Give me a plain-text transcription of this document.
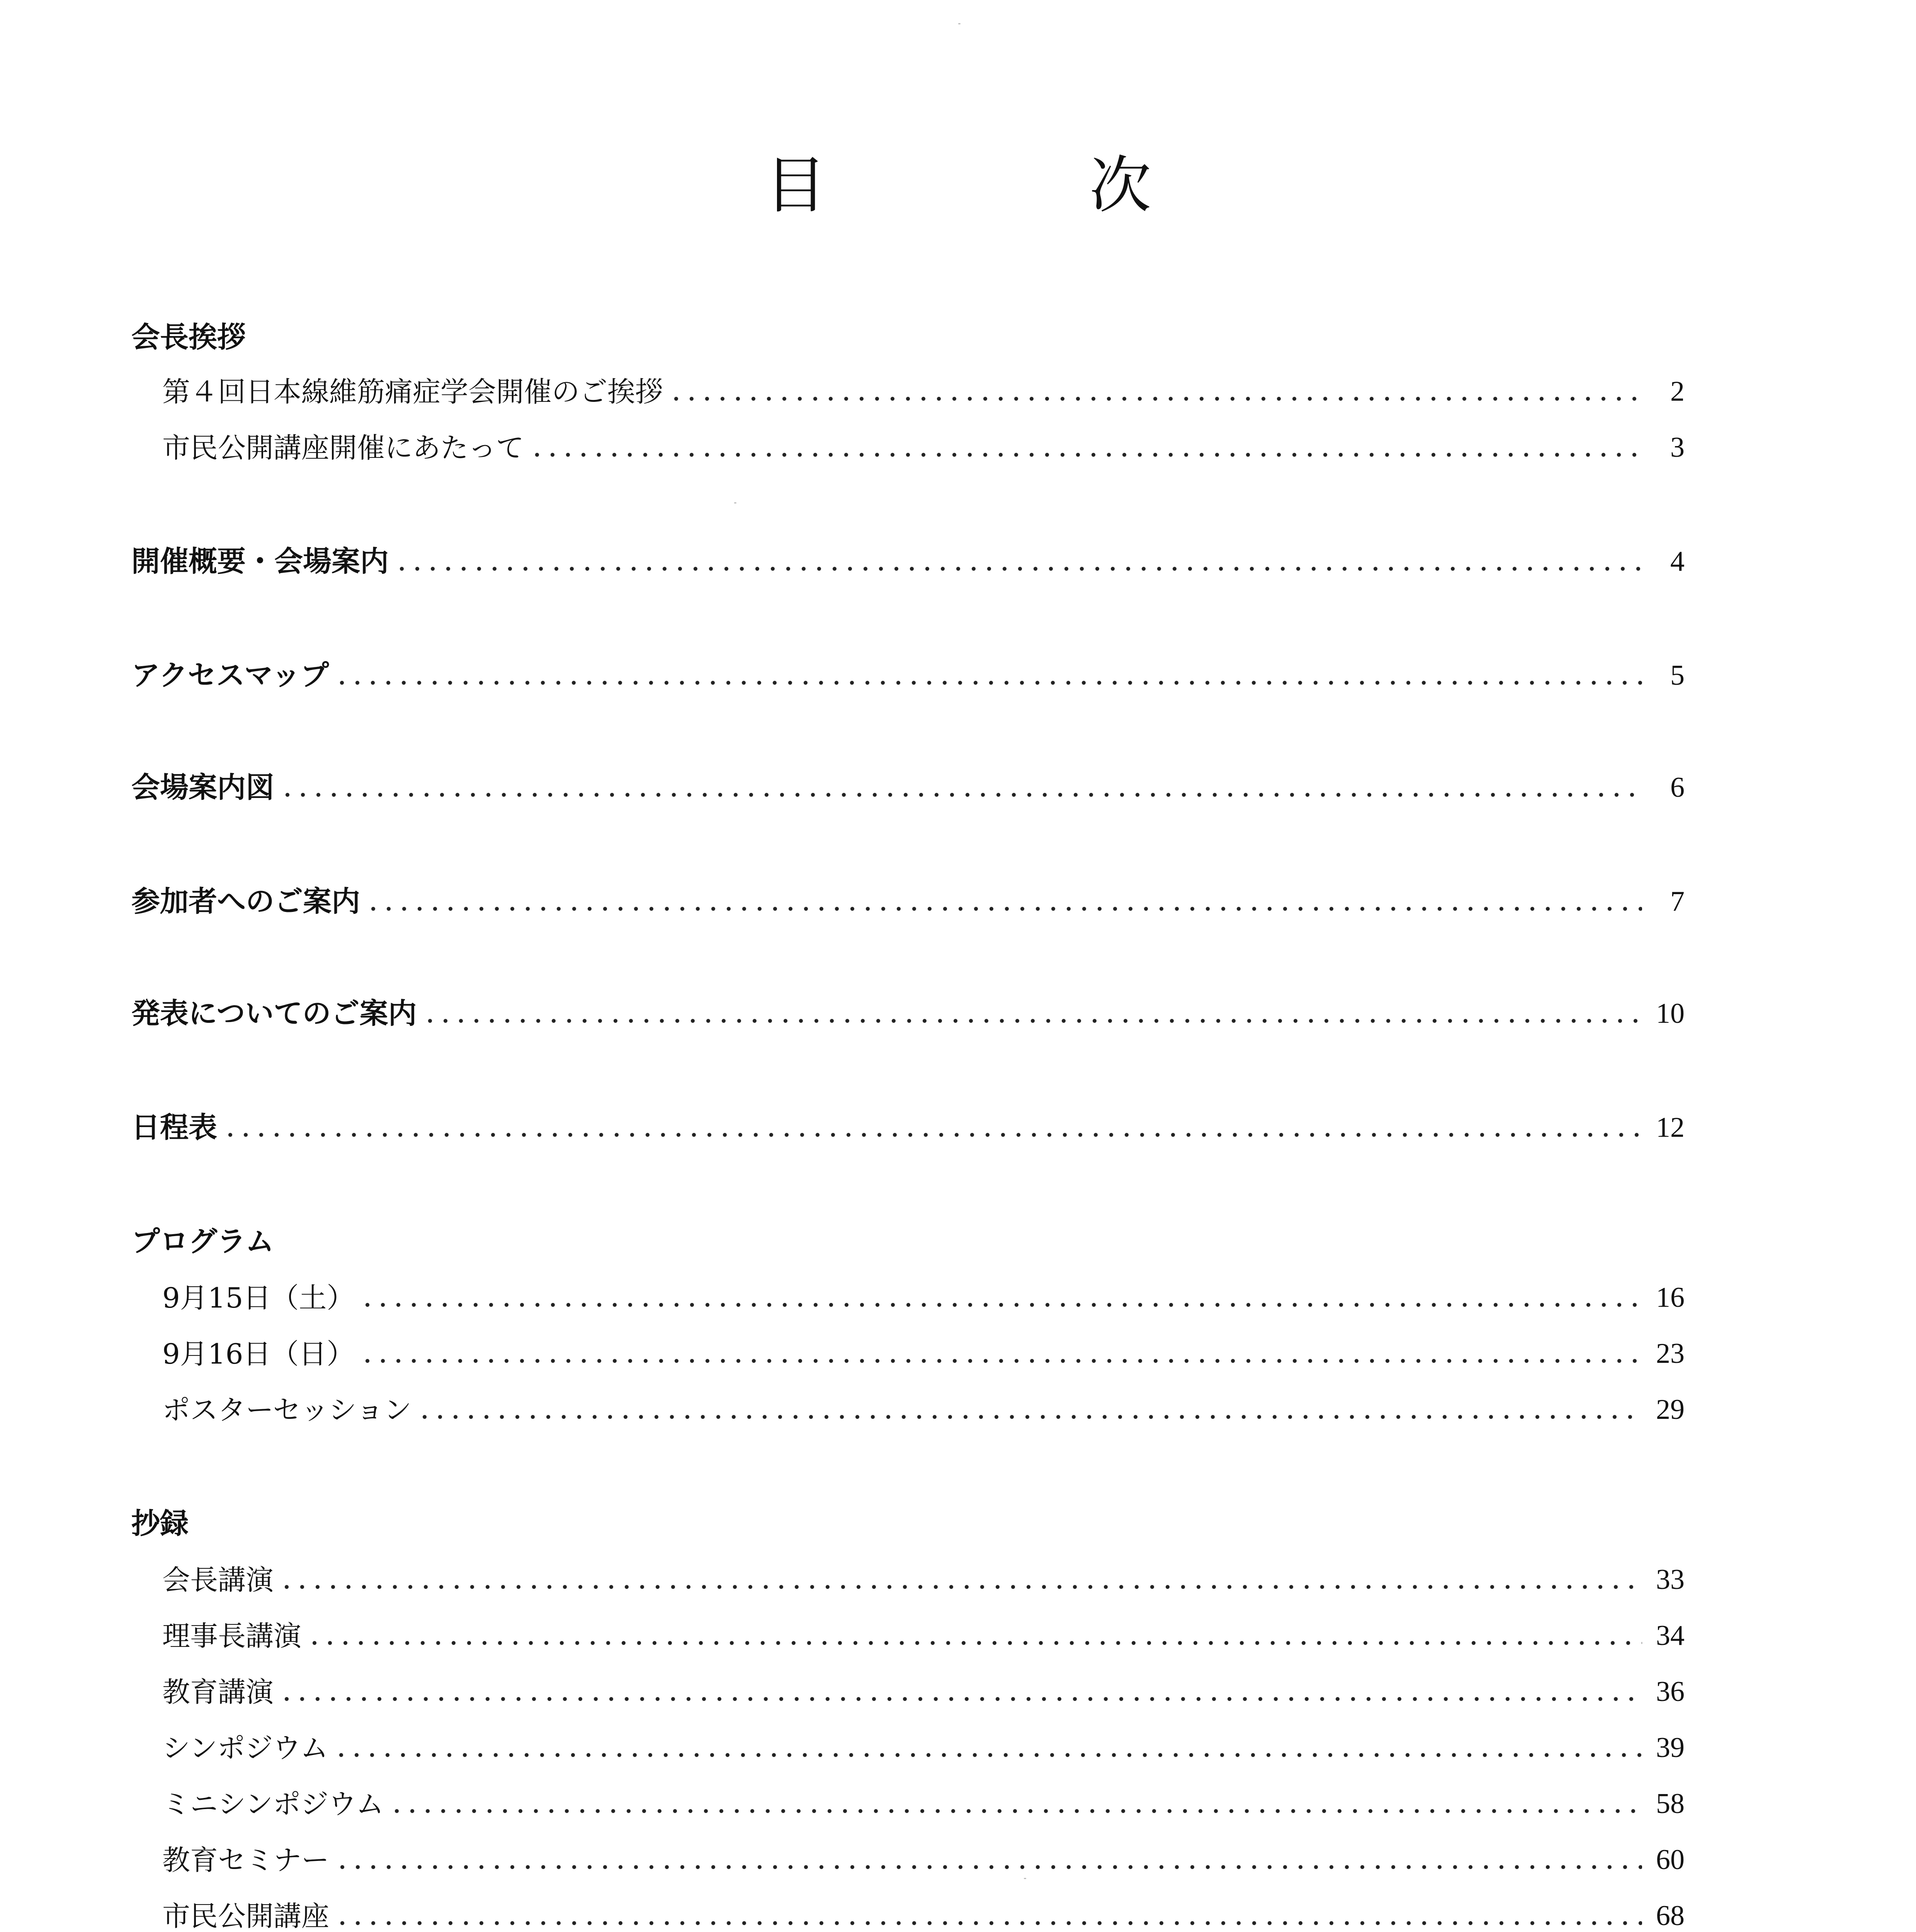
目　次
会長挨拶
第４回日本線維筋痛症学会開催のご挨拶	2
市民公開講座開催にあたって	3
開催概要・会場案内	4
アクセスマップ	5
会場案内図	6
参加者へのご案内	7
発表についてのご案内	10
日程表	12
プログラム
9月15日（土）	16
9月16日（日）	23
ポスターセッション	29
抄録
会長講演	33
理事長講演	34
教育講演	36
シンポジウム	39
ミニシンポジウム	58
教育セミナー	60
市民公開講座	68
